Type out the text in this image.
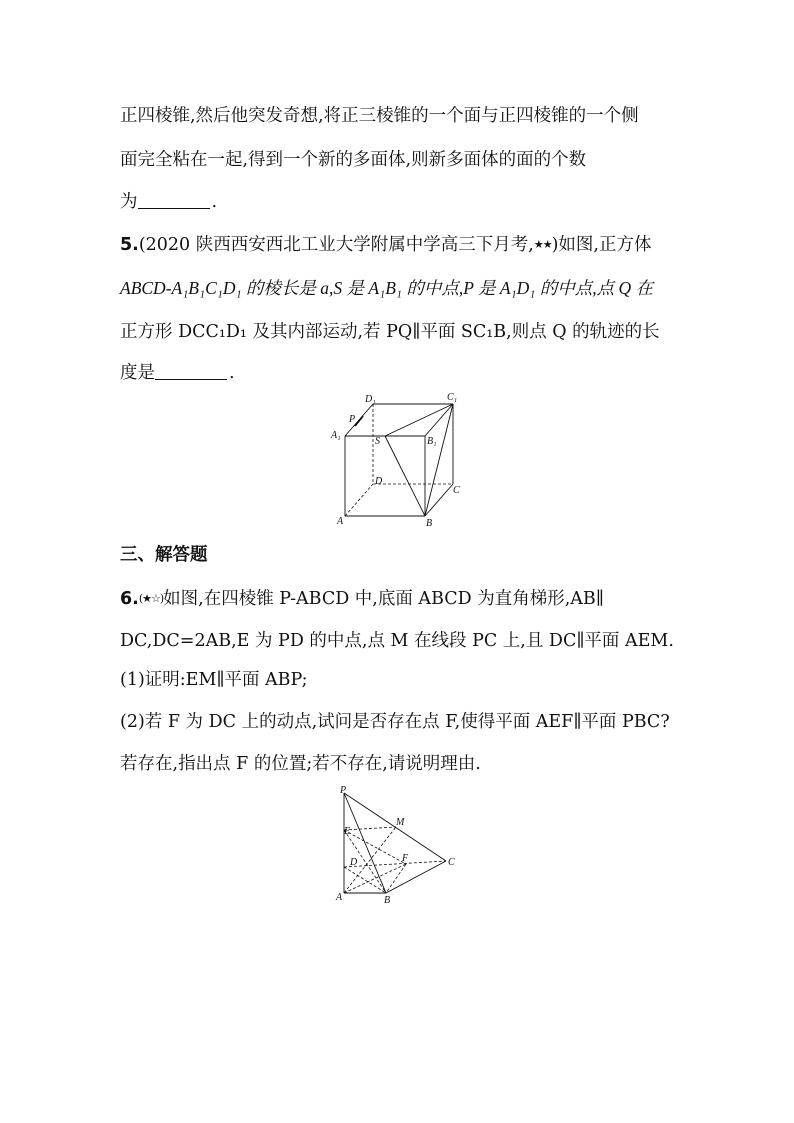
正四棱锥,然后他突发奇想,将正三棱锥的一个面与正四棱锥的一个侧
面完全粘在一起,得到一个新的多面体,则新多面体的面的个数
为	.
5.(2020 陕西西安西北工业大学附属中学高三下月考,★★)如图,正方体
ABCD-A₁B₁C₁D₁ 的棱长是 a,S 是 A₁B₁ 的中点,P 是 A₁D₁ 的中点,点 Q 在
正方形 DCC₁D₁ 及其内部运动,若 PQ∥平面 SC₁B,则点 Q 的轨迹的长
度是	.
D₁	C₁
P
A₁
S	B₁
D
C
A	B
三、解答题
6.(★☆)如图,在四棱锥 P-ABCD 中,底面 ABCD 为直角梯形,AB∥
DC,DC=2AB,E 为 PD 的中点,点 M 在线段 PC 上,且 DC∥平面 AEM.
(1)证明:EM∥平面 ABP;
(2)若 F 为 DC 上的动点,试问是否存在点 F,使得平面 AEF∥平面 PBC?
若存在,指出点 F 的位置;若不存在,请说明理由.
P
M
E
F
D	C
A	B
